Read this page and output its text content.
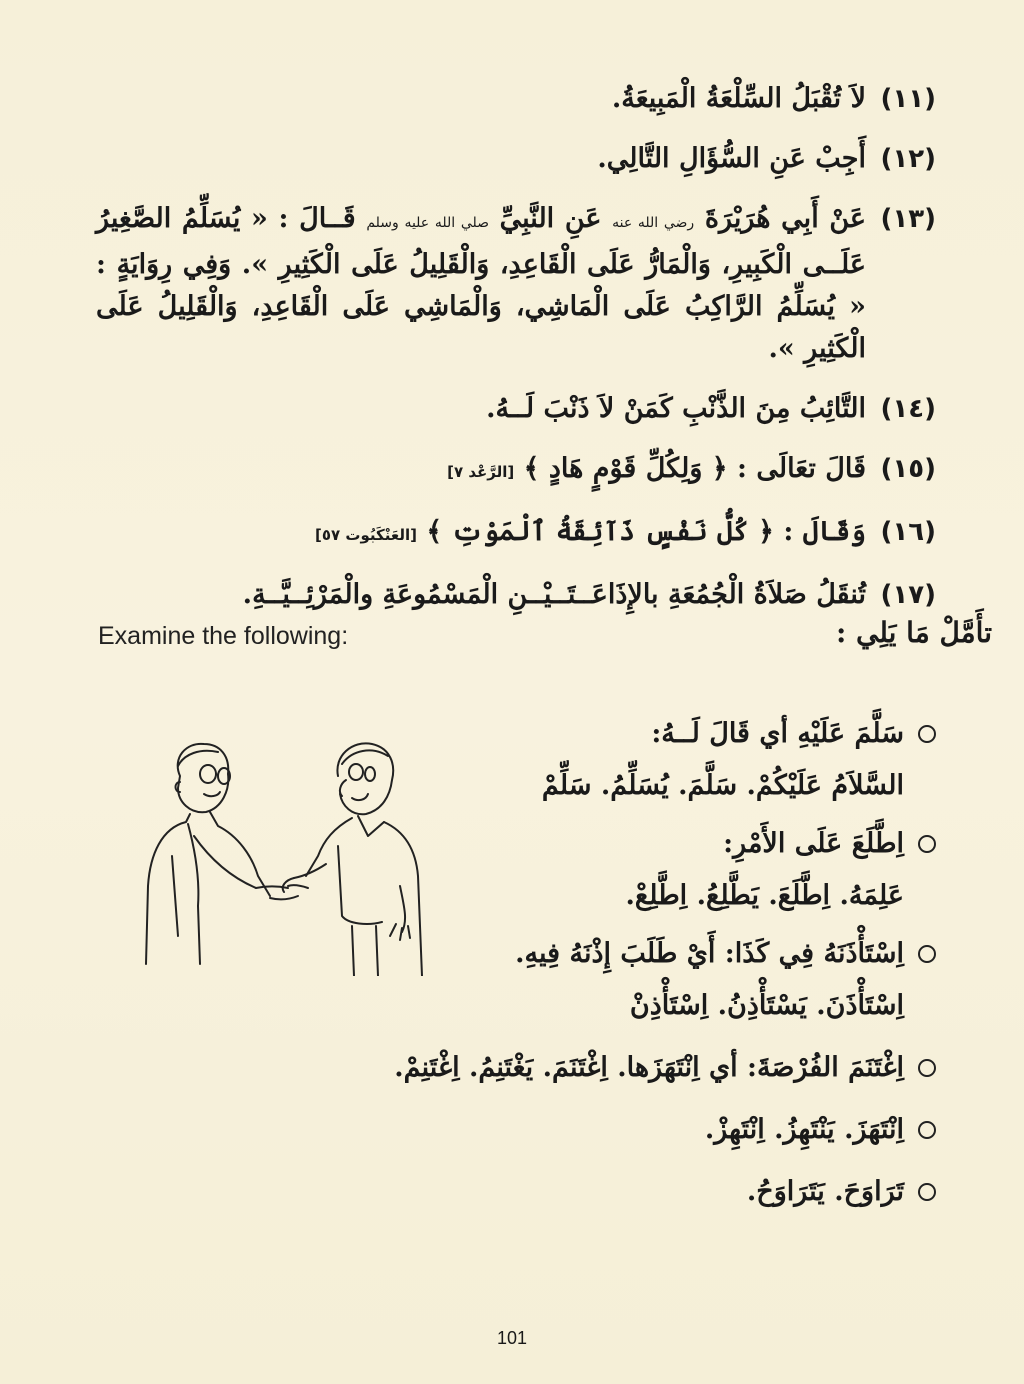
(١١)
لاَ تُقْبَلُ السِّلْعَةُ الْمَبِيعَةُ.
(١٢)
أَجِبْ عَنِ السُّؤَالِ التَّالِي.
(١٣)
عَنْ أَبِي هُرَيْرَةَ رضي الله عنه عَنِ النَّبِيِّ صلي الله عليه وسلم قَــالَ : « يُسَلِّمُ الصَّغِيرُ عَلَــى الْكَبِيرِ، وَالْمَارُّ عَلَى الْقَاعِدِ، وَالْقَلِيلُ عَلَى الْكَثِيرِ ». وَفِي رِوَايَةٍ : « يُسَلِّمُ الرَّاكِبُ عَلَى الْمَاشِي، وَالْمَاشِي عَلَى الْقَاعِدِ، وَالْقَلِيلُ عَلَى الْكَثِيرِ ».
(١٤)
التَّائِبُ مِنَ الذَّنْبِ كَمَنْ لاَ ذَنْبَ لَــهُ.
(١٥)
قَالَ تعَالَى : ﴿ وَلِكُلِّ قَوْمٍ هَادٍ ﴾ [الرَّعْد ٧]
(١٦)
وَقَالَ : ﴿ كُلُّ نَفْسٍ ذَآئِقَةُ ٱلْمَوْتِ ﴾ [العَنْكَبُوت ٥٧]
(١٧)
تُنقَلُ صَلاَةُ الْجُمُعَةِ بالإِذَاعَــتَــيْــنِ الْمَسْمُوعَةِ والْمَرْئِــيَّــةِ.
Examine the following:	تأَمَّلْ مَا يَلِي :
سَلَّمَ عَلَيْهِ أي قَالَ لَــهُ:
السَّلاَمُ عَلَيْكُمْ. سَلَّمَ. يُسَلِّمُ. سَلِّمْ
اِطَّلَعَ عَلَى الأَمْرِ:
عَلِمَهُ. اِطَّلَعَ. يَطَّلِعُ. اِطَّلِعْ.
اِسْتَأْذَنَهُ فِي كَذَا: أَيْ طَلَبَ إِذْنَهُ فِيهِ.
اِسْتَأْذَنَ. يَسْتَأْذِنُ. اِسْتَأْذِنْ
اِغْتَنَمَ الفُرْصَةَ: أي اِنْتَهَزَها. اِغْتَنَمَ. يَغْتَنِمُ. اِغْتَنِمْ.
اِنْتَهَزَ. يَنْتَهِزُ. اِنْتَهِزْ.
تَرَاوَحَ. يَتَرَاوَحُ.
101
